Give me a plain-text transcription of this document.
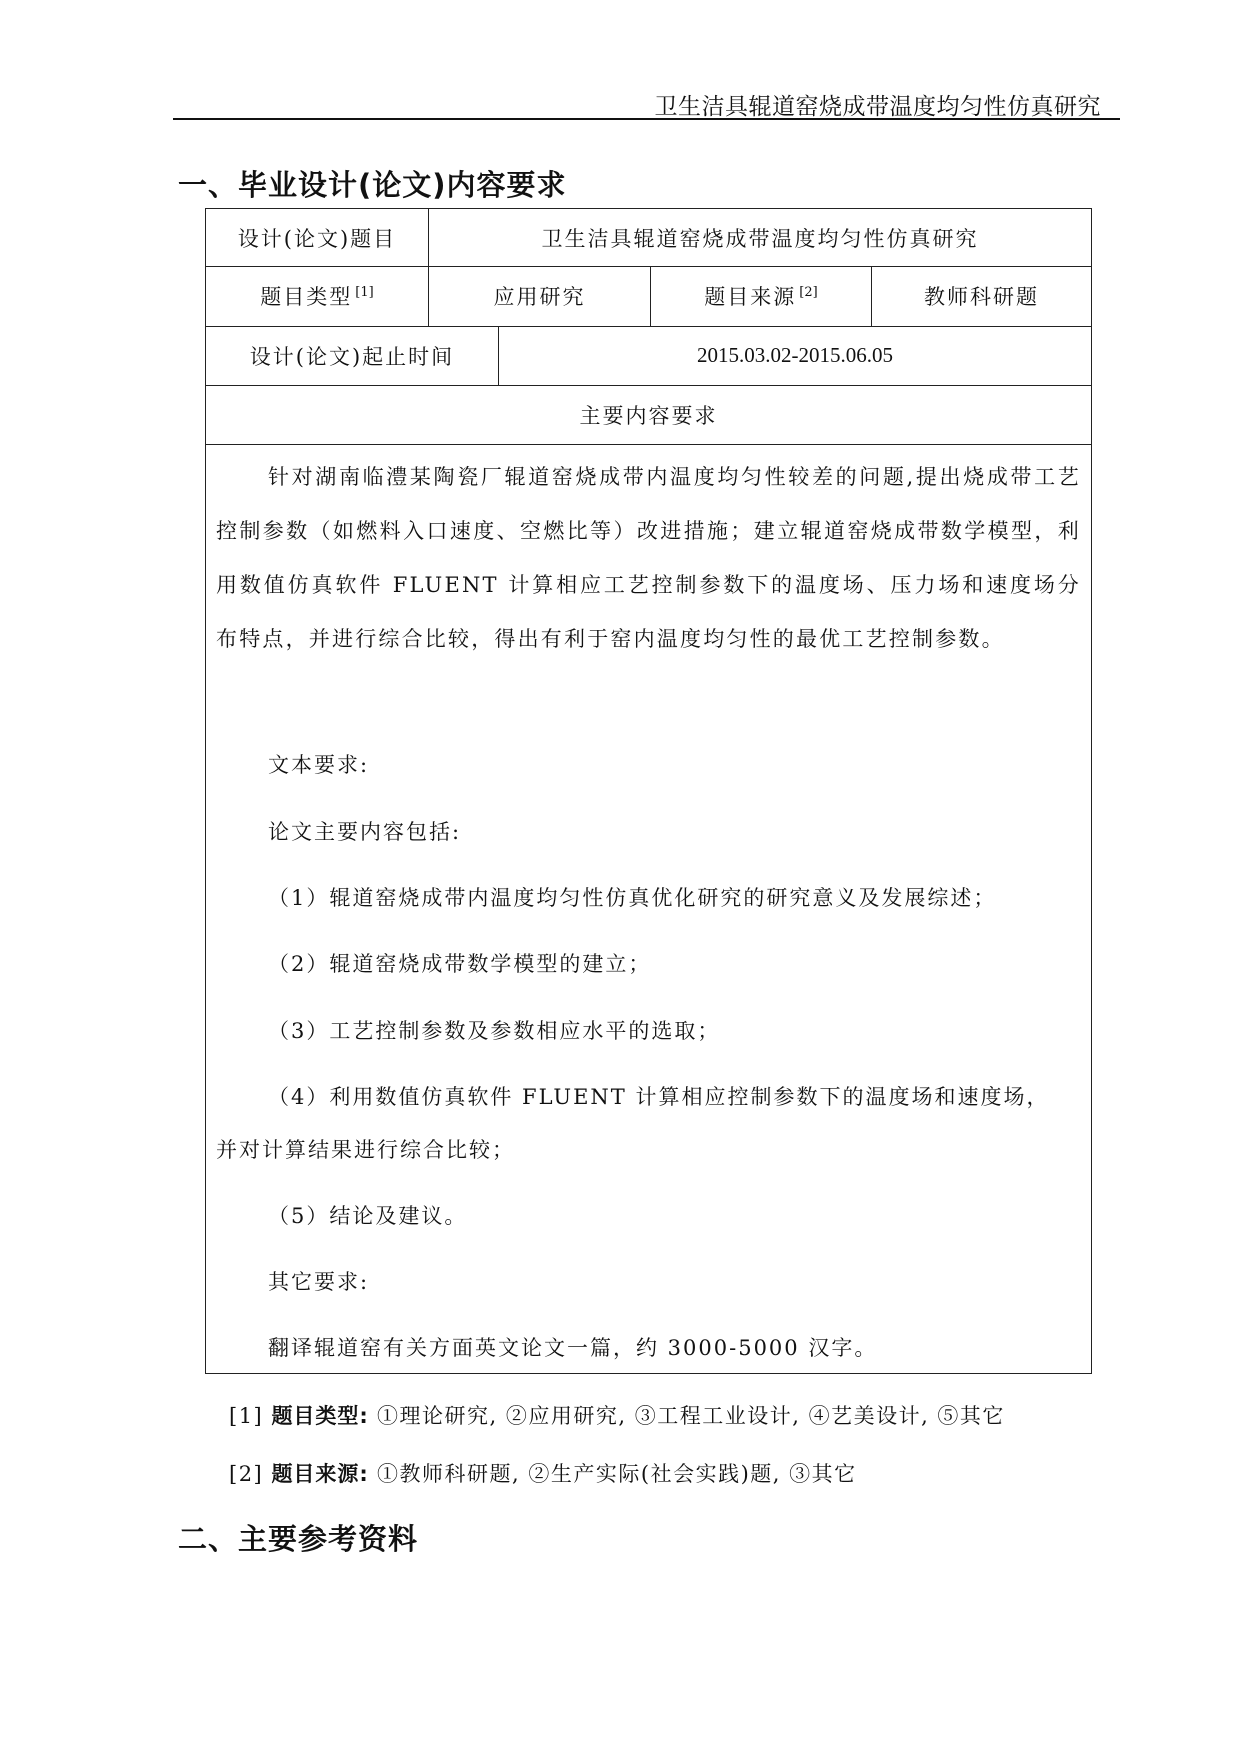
卫生洁具辊道窑烧成带温度均匀性仿真研究
一、毕业设计(论文)内容要求
设计(论文)题目	卫生洁具辊道窑烧成带温度均匀性仿真研究
题目类型[1]	应用研究	题目来源[2]	教师科研题
设计(论文)起止时间	2015.03.02-2015.06.05
主要内容要求

针对湖南临澧某陶瓷厂辊道窑烧成带内温度均匀性较差的问题,提出烧成带工艺控制参数（如燃料入口速度、空燃比等）改进措施；建立辊道窑烧成带数学模型，利用数值仿真软件 FLUENT 计算相应工艺控制参数下的温度场、压力场和速度场分布特点，并进行综合比较，得出有利于窑内温度均匀性的最优工艺控制参数。

文本要求:
论文主要内容包括:
（1）辊道窑烧成带内温度均匀性仿真优化研究的研究意义及发展综述；
（2）辊道窑烧成带数学模型的建立；
（3）工艺控制参数及参数相应水平的选取；
（4）利用数值仿真软件 FLUENT 计算相应控制参数下的温度场和速度场，
并对计算结果进行综合比较；
（5）结论及建议。
其它要求:
翻译辊道窑有关方面英文论文一篇，约 3000-5000 汉字。
[1] 题目类型: ①理论研究, ②应用研究, ③工程工业设计, ④艺美设计, ⑤其它
[2] 题目来源: ①教师科研题, ②生产实际(社会实践)题, ③其它
二、主要参考资料
